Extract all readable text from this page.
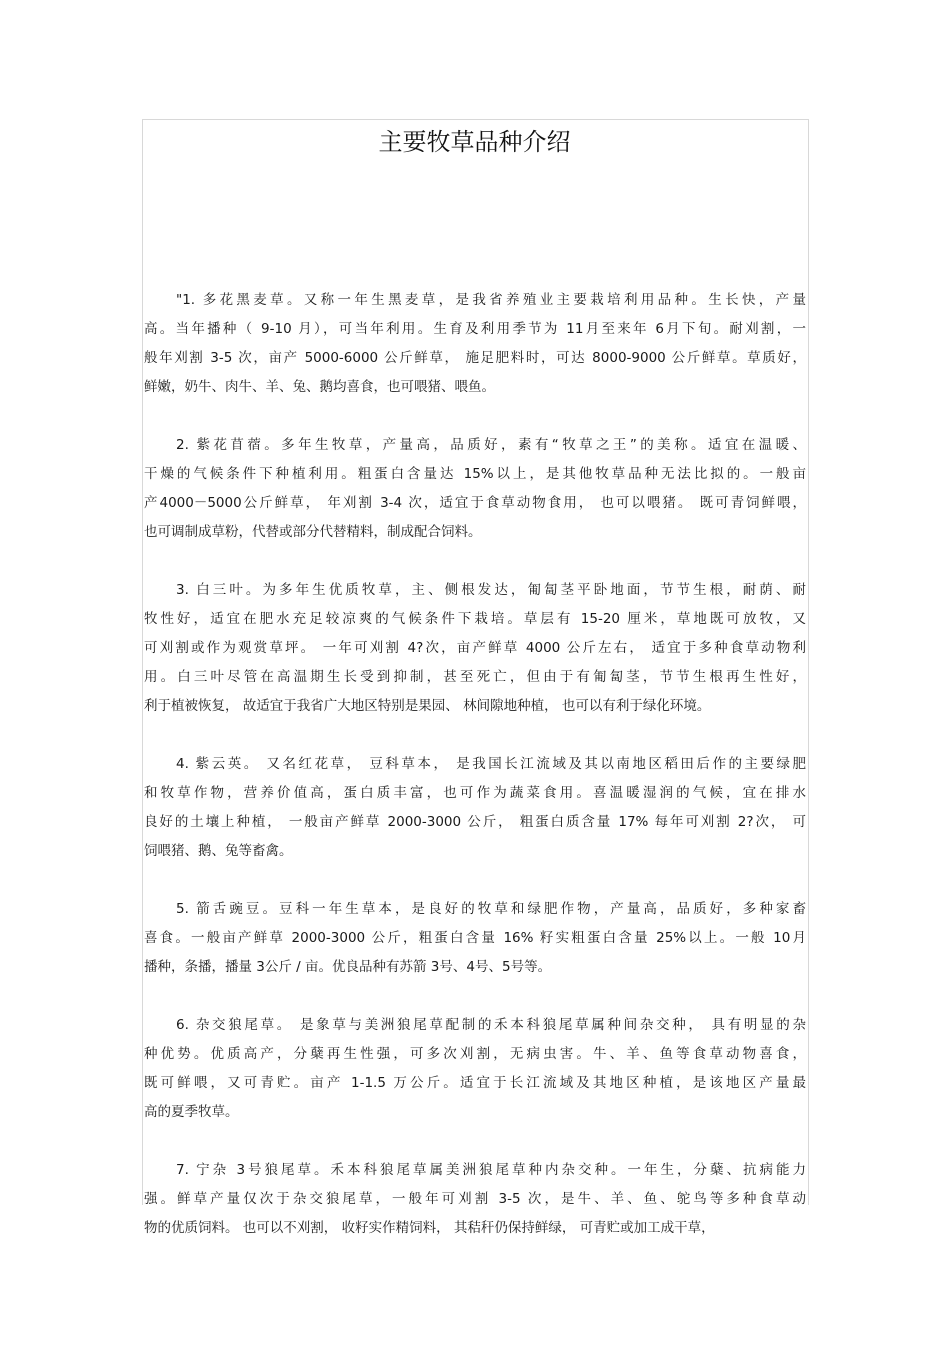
主要牧草品种介绍
"1. 多花黑麦草。又称一年生黑麦草，是我省养殖业主要栽培利用品种。生长快，产量
高。当年播种（ 9-10 月），可当年利用。生育及利用季节为 11月至来年 6月下旬。耐刈割，一
般年刈割 3-5 次，亩产 5000-6000 公斤鲜草， 施足肥料时，可达 8000-9000 公斤鲜草。草质好，
鲜嫩，奶牛、肉牛、羊、兔、鹅均喜食，也可喂猪、喂鱼。
2. 紫花苜蓿。多年生牧草，产量高，品质好，素有“牧草之王”的美称。适宜在温暖、
干燥的气候条件下种植利用。粗蛋白含量达 15%以上，是其他牧草品种无法比拟的。一般亩
产4000－5000公斤鲜草， 年刈割 3-4 次，适宜于食草动物食用， 也可以喂猪。 既可青饲鲜喂，
也可调制成草粉，代替或部分代替精料，制成配合饲料。
3. 白三叶。为多年生优质牧草，主、侧根发达，匍匐茎平卧地面，节节生根，耐荫、耐
牧性好，适宜在肥水充足较凉爽的气候条件下栽培。草层有 15-20 厘米，草地既可放牧，又
可刈割或作为观赏草坪。 一年可刈割 4?次，亩产鲜草 4000 公斤左右， 适宜于多种食草动物利
用。白三叶尽管在高温期生长受到抑制，甚至死亡，但由于有匍匐茎，节节生根再生性好，
利于植被恢复， 故适宜于我省广大地区特别是果园、 林间隙地种植， 也可以有利于绿化环境。
4. 紫云英。 又名红花草， 豆科草本， 是我国长江流域及其以南地区稻田后作的主要绿肥
和牧草作物，营养价值高，蛋白质丰富，也可作为蔬菜食用。喜温暖湿润的气候，宜在排水
良好的土壤上种植， 一般亩产鲜草 2000-3000 公斤， 粗蛋白质含量 17% 每年可刈割 2?次， 可
饲喂猪、鹅、兔等畜禽。
5. 箭舌豌豆。豆科一年生草本，是良好的牧草和绿肥作物，产量高，品质好，多种家畜
喜食。一般亩产鲜草 2000-3000 公斤，粗蛋白含量 16% 籽实粗蛋白含量 25%以上。一般 10月
播种，条播，播量 3公斤 / 亩。优良品种有苏箭 3号、4号、5号等。
6. 杂交狼尾草。 是象草与美洲狼尾草配制的禾本科狼尾草属种间杂交种， 具有明显的杂
种优势。优质高产，分蘖再生性强，可多次刈割，无病虫害。牛、羊、鱼等食草动物喜食，
既可鲜喂，又可青贮。亩产 1-1.5 万公斤。适宜于长江流域及其地区种植，是该地区产量最
高的夏季牧草。
7. 宁杂 3号狼尾草。禾本科狼尾草属美洲狼尾草种内杂交种。一年生，分蘖、抗病能力
强。鲜草产量仅次于杂交狼尾草，一般年可刈割 3-5 次，是牛、羊、鱼、鸵鸟等多种食草动
物的优质饲料。 也可以不刈割， 收籽实作精饲料， 其秸秆仍保持鲜绿， 可青贮或加工成干草，
